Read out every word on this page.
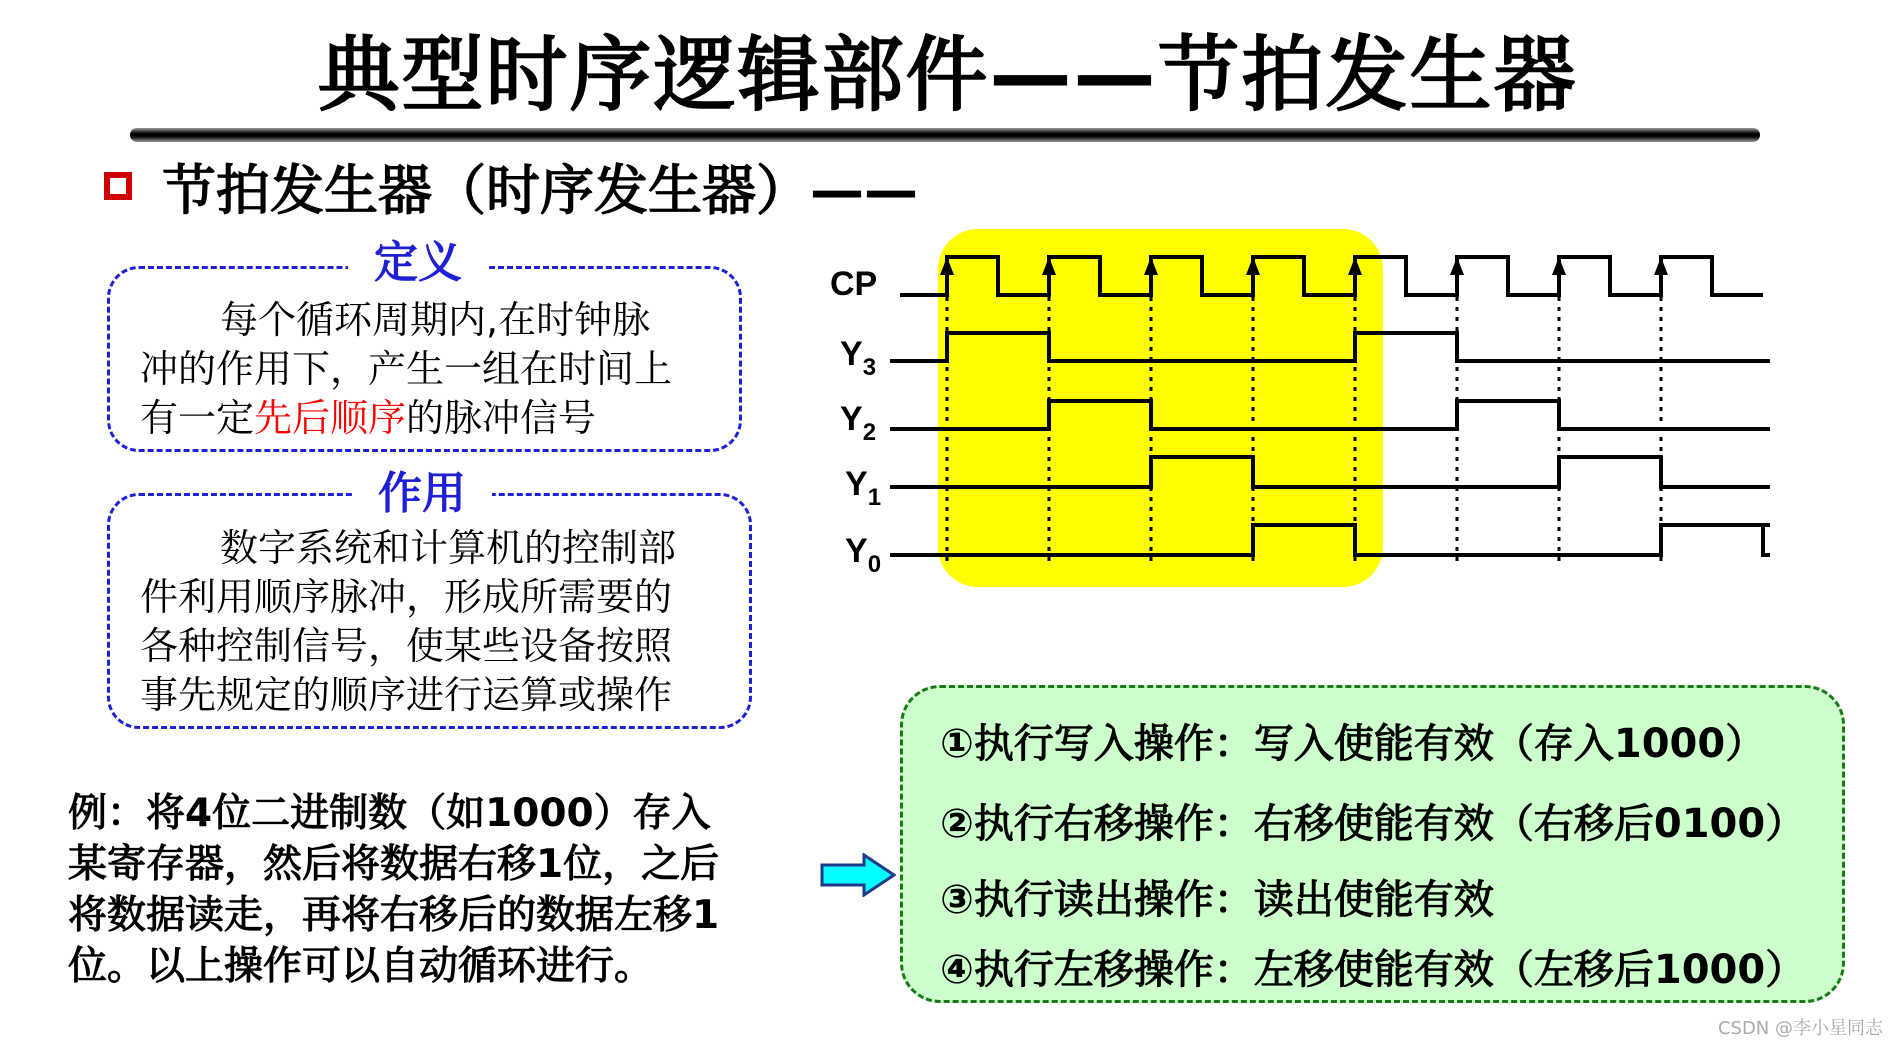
典型时序逻辑部件——节拍发生器
节拍发生器（时序发生器）——
定义
每个循环周期内,在时钟脉
冲的作用下，产生一组在时间上
有一定先后顺序的脉冲信号
作用
数字系统和计算机的控制部
件利用顺序脉冲，形成所需要的
各种控制信号，使某些设备按照
事先规定的顺序进行运算或操作
例：将4位二进制数（如1000）存入
某寄存器，然后将数据右移1位，之后
将数据读走，再将右移后的数据左移1
位。以上操作可以自动循环进行。
①执行写入操作：写入使能有效（存入1000）
②执行右移操作：右移使能有效（右移后0100）
③执行读出操作：读出使能有效
④执行左移操作：左移使能有效（左移后1000）
CP
$Y_3$
$Y_2$
$Y_1$
$Y_0$
CSDN @李小星同志
